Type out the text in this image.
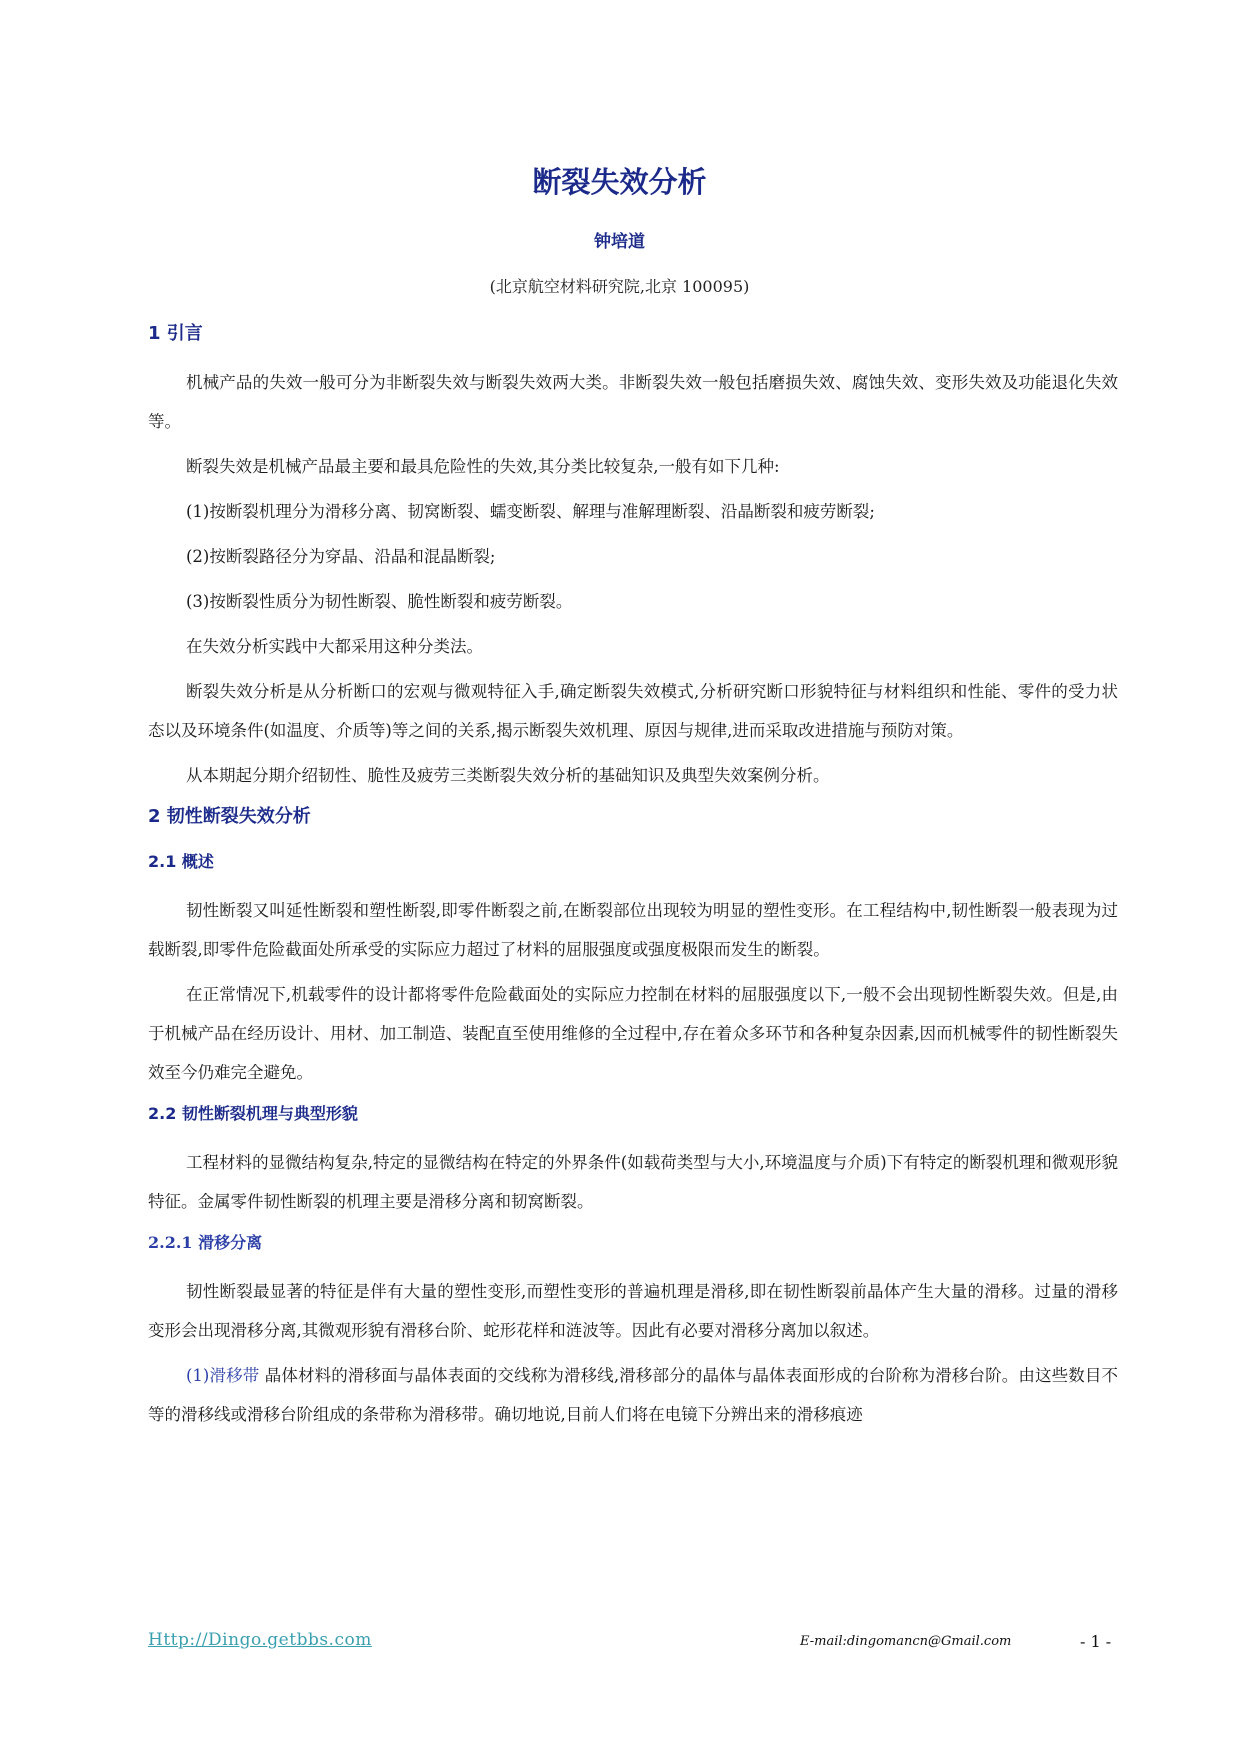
断裂失效分析
钟培道
(北京航空材料研究院,北京 100095)
1 引言

机械产品的失效一般可分为非断裂失效与断裂失效两大类。非断裂失效一般包括磨损失效、腐蚀失效、变形失效及功能退化失效等。

断裂失效是机械产品最主要和最具危险性的失效,其分类比较复杂,一般有如下几种:

(1)按断裂机理分为滑移分离、韧窝断裂、蠕变断裂、解理与准解理断裂、沿晶断裂和疲劳断裂;

(2)按断裂路径分为穿晶、沿晶和混晶断裂;

(3)按断裂性质分为韧性断裂、脆性断裂和疲劳断裂。

在失效分析实践中大都采用这种分类法。

断裂失效分析是从分析断口的宏观与微观特征入手,确定断裂失效模式,分析研究断口形貌特征与材料组织和性能、零件的受力状态以及环境条件(如温度、介质等)等之间的关系,揭示断裂失效机理、原因与规律,进而采取改进措施与预防对策。

从本期起分期介绍韧性、脆性及疲劳三类断裂失效分析的基础知识及典型失效案例分析。

2 韧性断裂失效分析
2.1 概述

韧性断裂又叫延性断裂和塑性断裂,即零件断裂之前,在断裂部位出现较为明显的塑性变形。在工程结构中,韧性断裂一般表现为过载断裂,即零件危险截面处所承受的实际应力超过了材料的屈服强度或强度极限而发生的断裂。

在正常情况下,机载零件的设计都将零件危险截面处的实际应力控制在材料的屈服强度以下,一般不会出现韧性断裂失效。但是,由于机械产品在经历设计、用材、加工制造、装配直至使用维修的全过程中,存在着众多环节和各种复杂因素,因而机械零件的韧性断裂失效至今仍难完全避免。

2.2 韧性断裂机理与典型形貌

工程材料的显微结构复杂,特定的显微结构在特定的外界条件(如载荷类型与大小,环境温度与介质)下有特定的断裂机理和微观形貌特征。金属零件韧性断裂的机理主要是滑移分离和韧窝断裂。

2.2.1 滑移分离

韧性断裂最显著的特征是伴有大量的塑性变形,而塑性变形的普遍机理是滑移,即在韧性断裂前晶体产生大量的滑移。过量的滑移变形会出现滑移分离,其微观形貌有滑移台阶、蛇形花样和涟波等。因此有必要对滑移分离加以叙述。

(1)滑移带 晶体材料的滑移面与晶体表面的交线称为滑移线,滑移部分的晶体与晶体表面形成的台阶称为滑移台阶。由这些数目不等的滑移线或滑移台阶组成的条带称为滑移带。确切地说,目前人们将在电镜下分辨出来的滑移痕迹

Http://Dingo.getbbs.com	E-mail:dingomancn@Gmail.com	- 1 -
